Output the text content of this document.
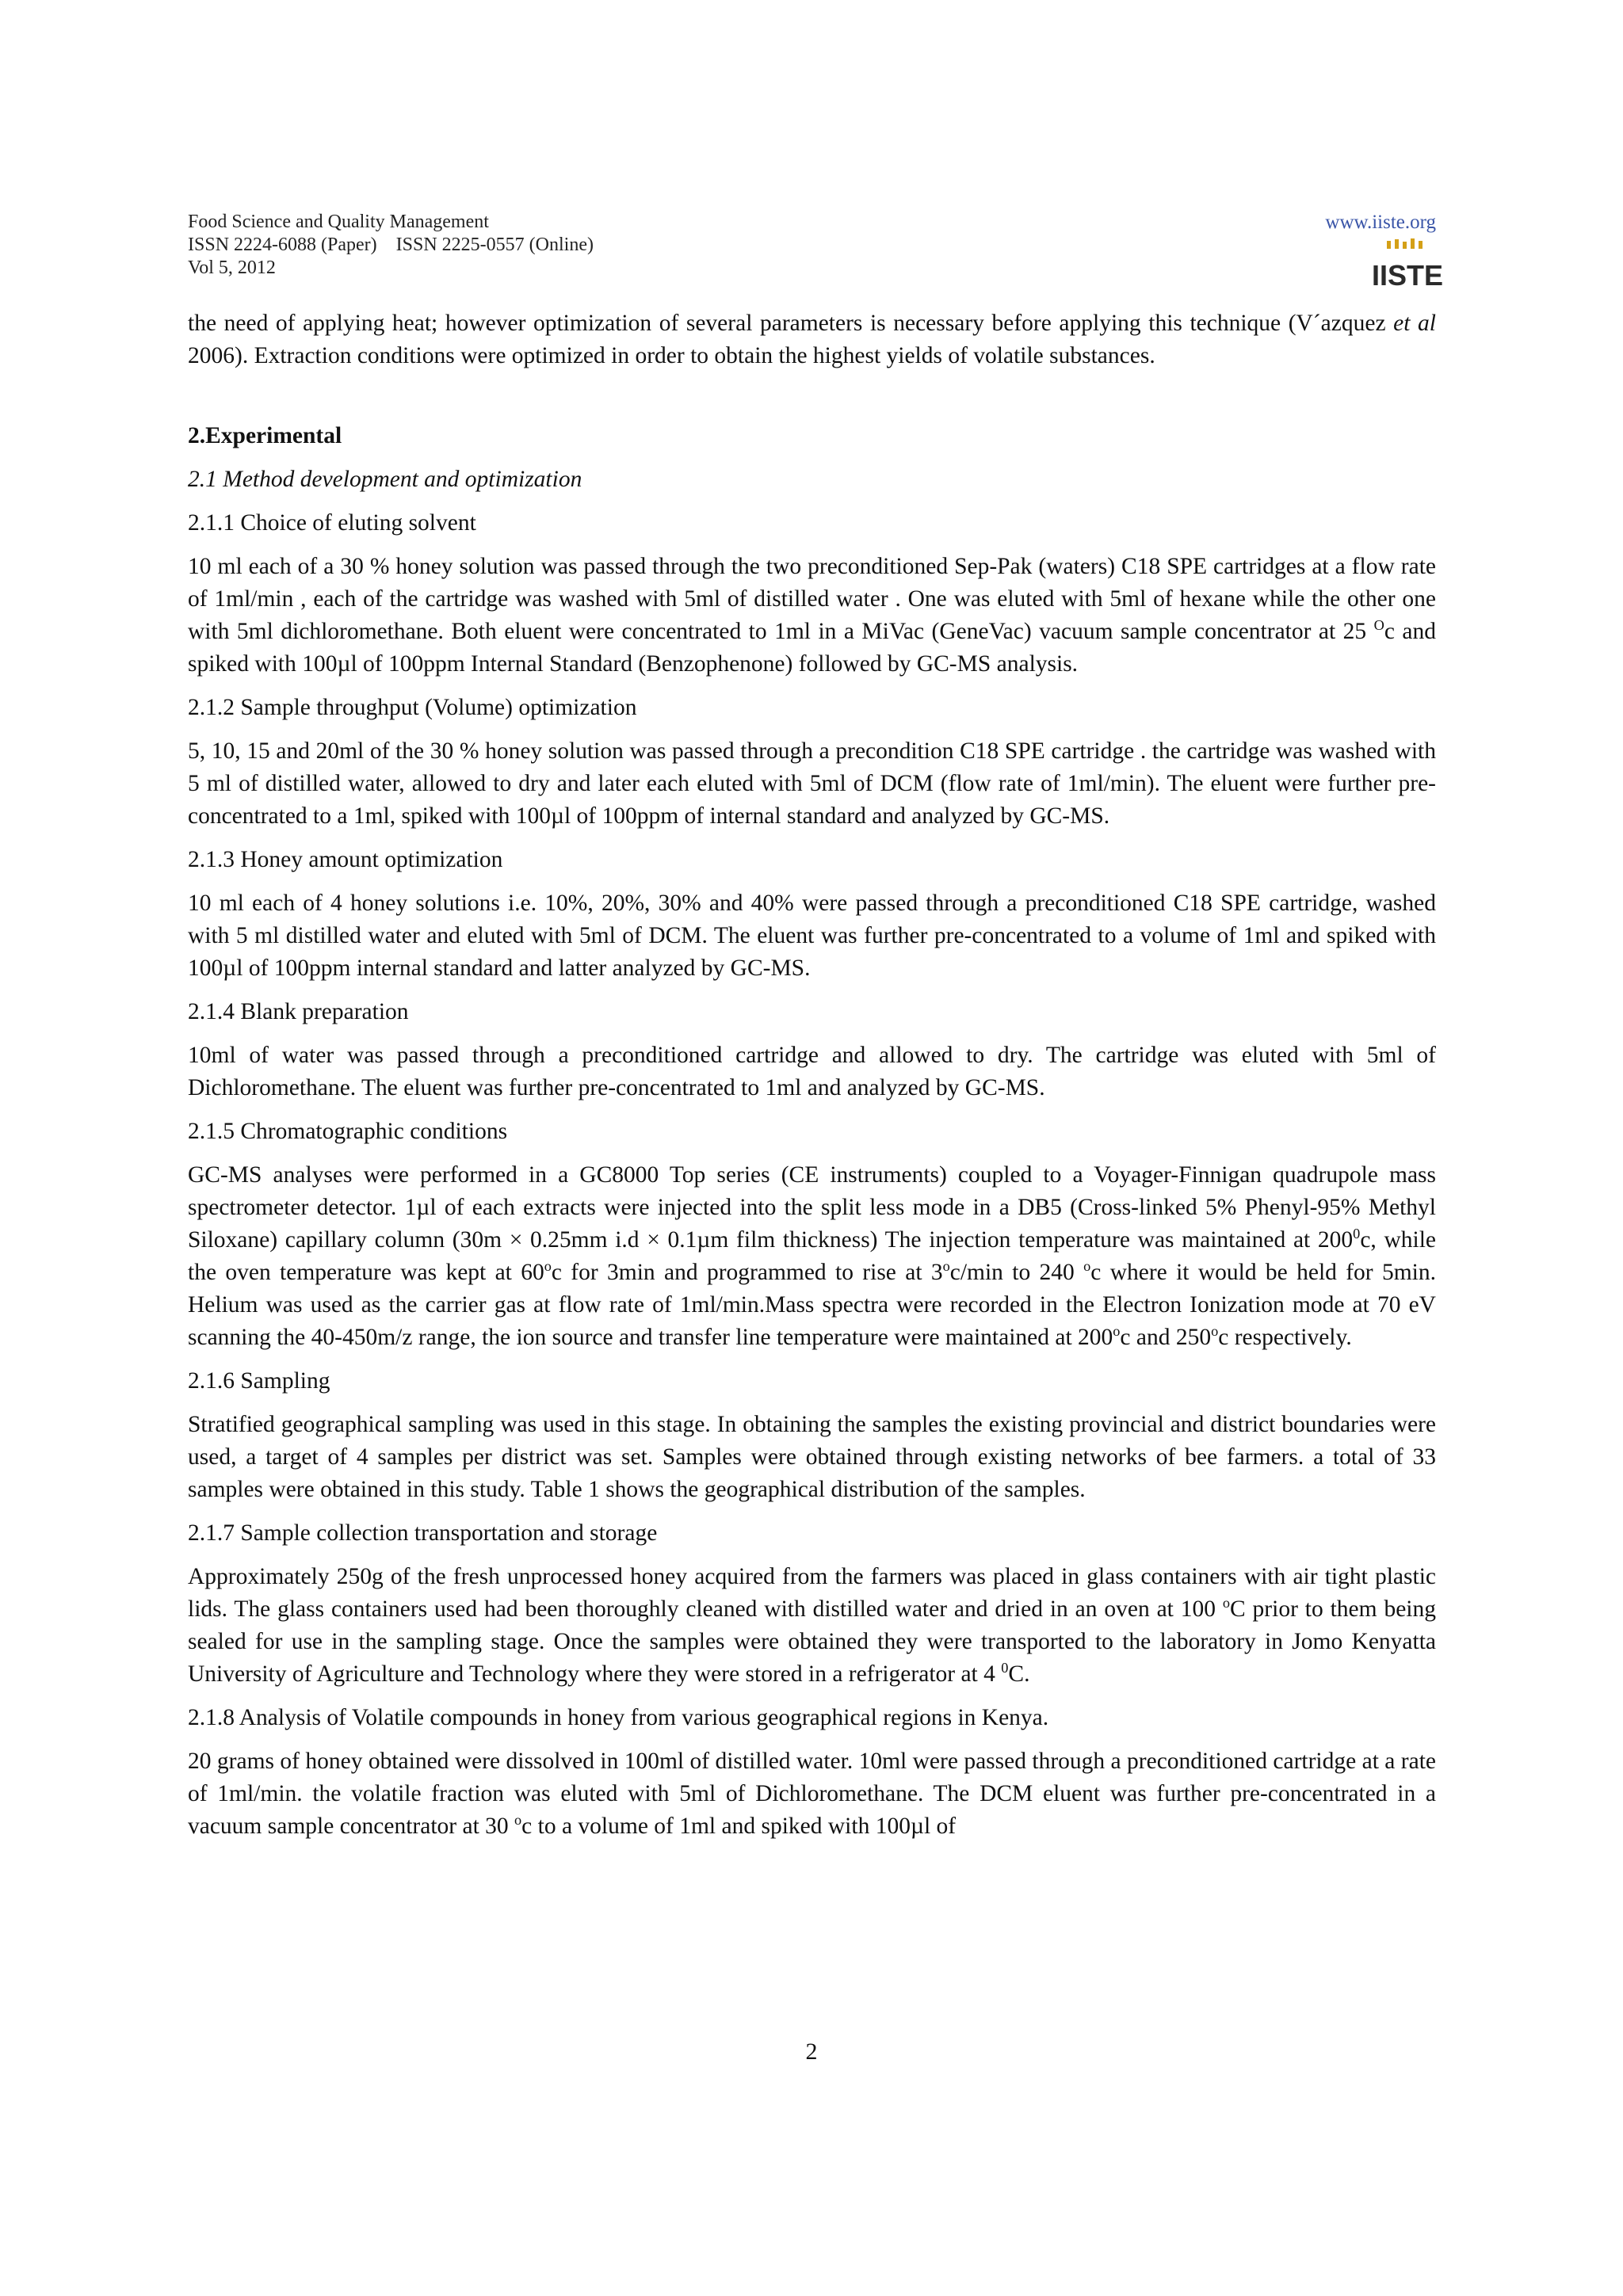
Food Science and Quality Management
ISSN 2224-6088 (Paper)    ISSN 2225-0557 (Online)
Vol 5, 2012
www.iiste.org
IISTE

the need of applying heat; however optimization of several parameters is necessary before applying this technique (V´azquez et al 2006). Extraction conditions were optimized in order to obtain the highest yields of volatile substances.

2.Experimental
2.1 Method development and optimization
2.1.1 Choice of eluting solvent

10 ml each of a 30 % honey solution was passed through the two preconditioned Sep-Pak (waters) C18 SPE cartridges at a flow rate of 1ml/min , each of the cartridge was washed with 5ml of distilled water . One was eluted with 5ml of hexane while the other one with 5ml dichloromethane. Both eluent were concentrated to 1ml in a MiVac (GeneVac) vacuum sample concentrator at 25 $^O$c and spiked with 100µl of 100ppm Internal Standard (Benzophenone) followed by GC-MS analysis.

2.1.2 Sample throughput (Volume) optimization

5, 10, 15 and 20ml of the 30 % honey solution was passed through a precondition C18 SPE cartridge . the cartridge was washed with 5 ml of distilled water, allowed to dry and later each eluted with 5ml of DCM (flow rate of 1ml/min). The eluent were further pre-concentrated to a 1ml, spiked with 100µl of 100ppm of internal standard and analyzed by GC-MS.

2.1.3 Honey amount optimization

10 ml each of 4 honey solutions i.e. 10%, 20%, 30% and 40% were passed through a preconditioned C18 SPE cartridge, washed with 5 ml distilled water and eluted with 5ml of DCM. The eluent was further pre-concentrated to a volume of 1ml and spiked with 100µl of 100ppm internal standard and latter analyzed by GC-MS.

2.1.4 Blank preparation

10ml of water was passed through a preconditioned cartridge and allowed to dry. The cartridge was eluted with 5ml of Dichloromethane. The eluent was further pre-concentrated to 1ml and analyzed by GC-MS.

2.1.5 Chromatographic conditions

GC-MS analyses were performed in a GC8000 Top series (CE instruments) coupled to a Voyager-Finnigan quadrupole mass spectrometer detector. 1µl of each extracts were injected into the split less mode in a DB5 (Cross-linked 5% Phenyl-95% Methyl Siloxane) capillary column (30m × 0.25mm i.d × 0.1µm film thickness) The injection temperature was maintained at $200^0c$, while the oven temperature was kept at 60$^o$c for 3min and programmed to rise at 3$^o$c/min to 240 $^o$c where it would be held for 5min. Helium was used as the carrier gas at flow rate of 1ml/min.Mass spectra were recorded in the Electron Ionization mode at 70 eV scanning the 40-450m/z range, the ion source and transfer line temperature were maintained at 200$^o$c and 250$^o$c respectively.

2.1.6 Sampling

Stratified geographical sampling was used in this stage. In obtaining the samples the existing provincial and district boundaries were used, a target of 4 samples per district was set. Samples were obtained through existing networks of bee farmers. a total of 33 samples were obtained in this study. Table 1 shows the geographical distribution of the samples.

2.1.7 Sample collection transportation and storage

Approximately 250g of the fresh unprocessed honey acquired from the farmers was placed in glass containers with air tight plastic lids. The glass containers used had been thoroughly cleaned with distilled water and dried in an oven at 100 $^o$C prior to them being sealed for use in the sampling stage. Once the samples were obtained they were transported to the laboratory in Jomo Kenyatta University of Agriculture and Technology where they were stored in a refrigerator at 4 $^0$C.

2.1.8 Analysis of Volatile compounds in honey from various geographical regions in Kenya.

20 grams of honey obtained were dissolved in 100ml of distilled water. 10ml were passed through a preconditioned cartridge at a rate of 1ml/min. the volatile fraction was eluted with 5ml of Dichloromethane. The DCM eluent was further pre-concentrated in a vacuum sample concentrator at 30 $^o$c to a volume of 1ml and spiked with 100µl of

2
